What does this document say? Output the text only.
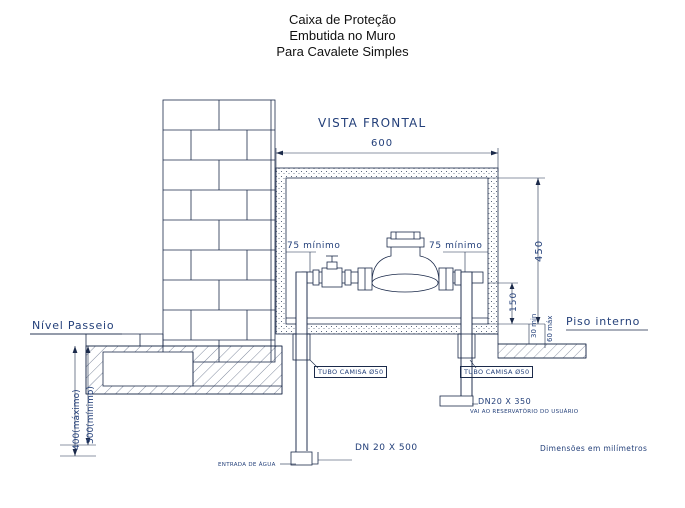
Caixa de Proteção
Embutida no Muro
Para Cavalete Simples
VISTA FRONTAL
600
450
150
30 min 60 máx
75 mínimo	75 mínimo
Nível Passeio	Piso interno
400(máximo) 300(mínimo)
TUBO CAMISA Ø50	TUBO CAMISA Ø50
DN20 X 350
VAI AO RESERVATÓRIO DO USUÁRIO
DN 20 X 500
ENTRADA DE ÁGUA
Dimensões em milímetros
